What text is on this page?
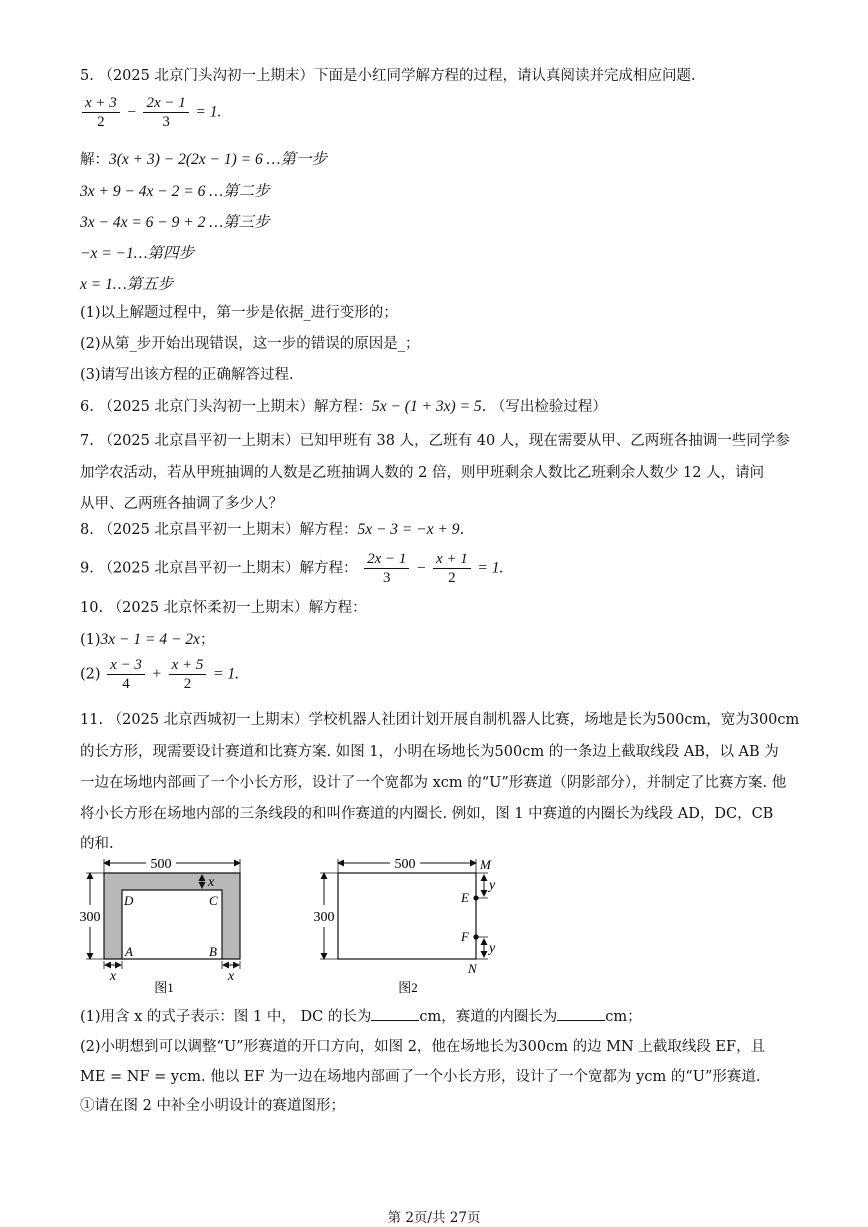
5. （2025 北京门头沟初一上期末）下面是小红同学解方程的过程，请认真阅读并完成相应问题.
$\frac{x + 3}{2} - \frac{2x - 1}{3} = 1$.
解：3(x + 3) − 2(2x − 1) = 6 …第一步
3x + 9 − 4x − 2 = 6 …第二步
3x − 4x = 6 − 9 + 2 …第三步
−x = −1…第四步
x = 1…第五步
(1)以上解题过程中，第一步是依据_进行变形的；
(2)从第_步开始出现错误，这一步的错误的原因是_；
(3)请写出该方程的正确解答过程.
6. （2025 北京门头沟初一上期末）解方程：5x − (1 + 3x) = 5. （写出检验过程）
7. （2025 北京昌平初一上期末）已知甲班有 38 人，乙班有 40 人，现在需要从甲、乙两班各抽调一些同学参
加学农活动，若从甲班抽调的人数是乙班抽调人数的 2 倍，则甲班剩余人数比乙班剩余人数少 12 人，请问
从甲、乙两班各抽调了多少人？
8. （2025 北京昌平初一上期末）解方程：5x − 3 = −x + 9.
9. （2025 北京昌平初一上期末）解方程： $\frac{2x - 1}{3} - \frac{x + 1}{2} = 1$.
10. （2025 北京怀柔初一上期末）解方程：
(1)3x − 1 = 4 − 2x；
$(2) \frac{x - 3}{4} + \frac{x + 5}{2} = 1$.
11. （2025 北京西城初一上期末）学校机器人社团计划开展自制机器人比赛，场地是长为500cm，宽为300cm
的长方形，现需要设计赛道和比赛方案. 如图 1，小明在场地长为500cm 的一条边上截取线段 AB，以 AB 为
一边在场地内部画了一个小长方形，设计了一个宽都为 xcm 的“U”形赛道（阴影部分），并制定了比赛方案. 他
将小长方形在场地内部的三条线段的和叫作赛道的内圈长. 例如，图 1 中赛道的内圈长为线段 AD，DC，CB
的和.
500
300
x
x	x
D	C
A	B
图1
500
300
y
y
M
N
E
F
图2
(1)用含 x 的式子表示：图 1 中， DC 的长为	cm，赛道的内圈长为	cm；
(2)小明想到可以调整“U”形赛道的开口方向，如图 2，他在场地长为300cm 的边 MN 上截取线段 EF，且
ME = NF = ycm. 他以 EF 为一边在场地内部画了一个小长方形，设计了一个宽都为 ycm 的“U”形赛道.
①请在图 2 中补全小明设计的赛道图形；
第 2页/共 27页
